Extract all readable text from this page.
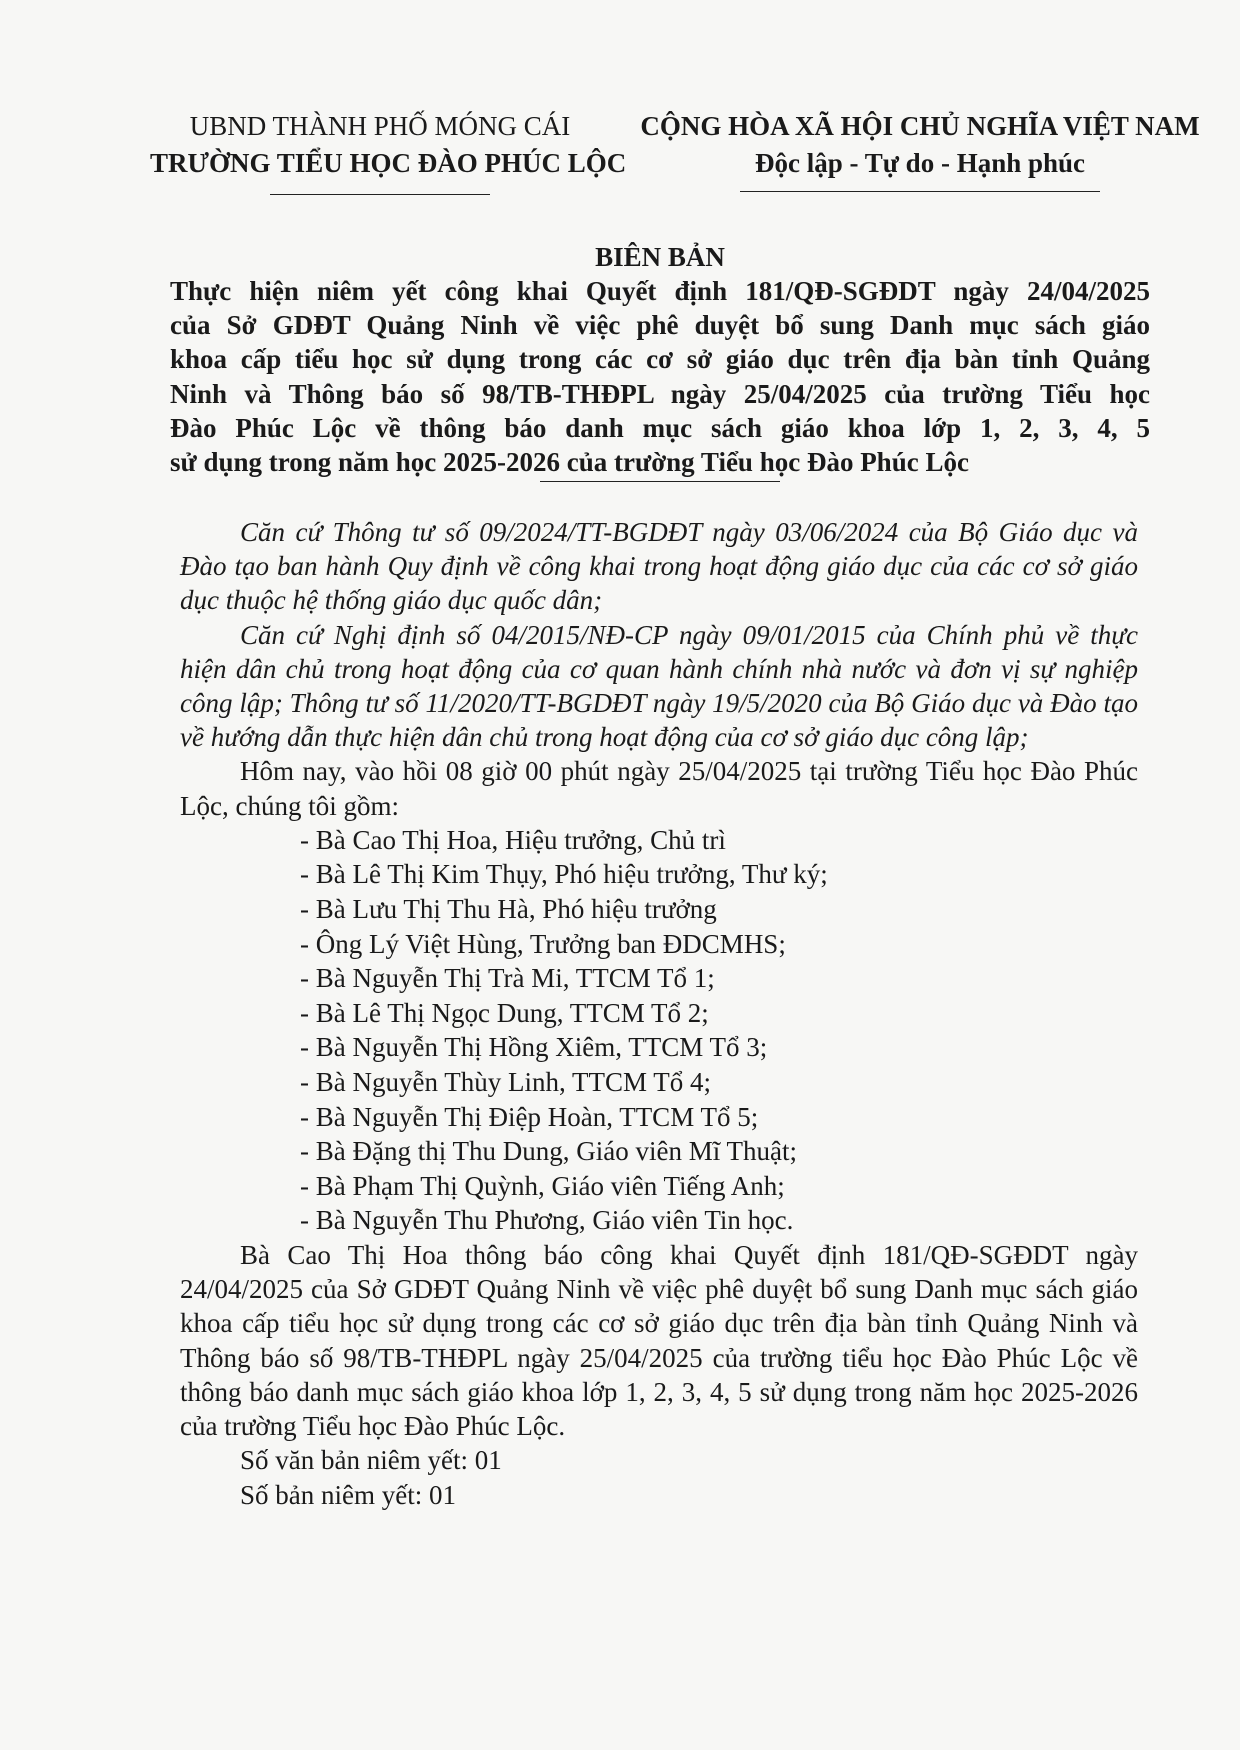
UBND THÀNH PHỐ MÓNG CÁI
TRƯỜNG TIỂU HỌC ĐÀO PHÚC LỘC
CỘNG HÒA XÃ HỘI CHỦ NGHĨA VIỆT NAM
Độc lập - Tự do - Hạnh phúc
BIÊN BẢN

Thực hiện niêm yết công khai Quyết định 181/QĐ-SGĐDT ngày 24/04/2025

của Sở GDĐT Quảng Ninh về việc phê duyệt bổ sung Danh mục sách giáo

khoa cấp tiểu học sử dụng trong các cơ sở giáo dục trên địa bàn tỉnh Quảng

Ninh và Thông báo số 98/TB-THĐPL ngày 25/04/2025 của trường Tiểu học

Đào Phúc Lộc về thông báo danh mục sách giáo khoa lớp 1, 2, 3, 4, 5

sử dụng trong năm học 2025-2026 của trường Tiểu học Đào Phúc Lộc

Căn cứ Thông tư số 09/2024/TT-BGDĐT ngày 03/06/2024 của Bộ Giáo dục và Đào tạo ban hành Quy định về công khai trong hoạt động giáo dục của các cơ sở giáo dục thuộc hệ thống giáo dục quốc dân;

Căn cứ Nghị định số 04/2015/NĐ-CP ngày 09/01/2015 của Chính phủ về thực hiện dân chủ trong hoạt động của cơ quan hành chính nhà nước và đơn vị sự nghiệp công lập; Thông tư số 11/2020/TT-BGDĐT ngày 19/5/2020 của Bộ Giáo dục và Đào tạo về hướng dẫn thực hiện dân chủ trong hoạt động của cơ sở giáo dục công lập;

Hôm nay, vào hồi 08 giờ 00 phút ngày 25/04/2025 tại trường Tiểu học Đào Phúc Lộc, chúng tôi gồm:

- Bà Cao Thị Hoa, Hiệu trưởng, Chủ trì
- Bà Lê Thị Kim Thụy, Phó hiệu trưởng, Thư ký;
- Bà Lưu Thị Thu Hà, Phó hiệu trưởng
- Ông Lý Việt Hùng, Trưởng ban ĐDCMHS;
- Bà Nguyễn Thị Trà Mi, TTCM Tổ 1;
- Bà Lê Thị Ngọc Dung, TTCM Tổ 2;
- Bà Nguyễn Thị Hồng Xiêm, TTCM Tổ 3;
- Bà Nguyễn Thùy Linh, TTCM Tổ 4;
- Bà Nguyễn Thị Điệp Hoàn, TTCM Tổ 5;
- Bà Đặng thị Thu Dung, Giáo viên Mĩ Thuật;
- Bà Phạm Thị Quỳnh, Giáo viên Tiếng Anh;
- Bà Nguyễn Thu Phương, Giáo viên Tin học.

Bà Cao Thị Hoa thông báo công khai Quyết định 181/QĐ-SGĐDT ngày 24/04/2025 của Sở GDĐT Quảng Ninh về việc phê duyệt bổ sung Danh mục sách giáo khoa cấp tiểu học sử dụng trong các cơ sở giáo dục trên địa bàn tỉnh Quảng Ninh và Thông báo số 98/TB-THĐPL ngày 25/04/2025 của trường tiểu học Đào Phúc Lộc về thông báo danh mục sách giáo khoa lớp 1, 2, 3, 4, 5 sử dụng trong năm học 2025-2026 của trường Tiểu học Đào Phúc Lộc.

Số văn bản niêm yết: 01

Số bản niêm yết: 01
